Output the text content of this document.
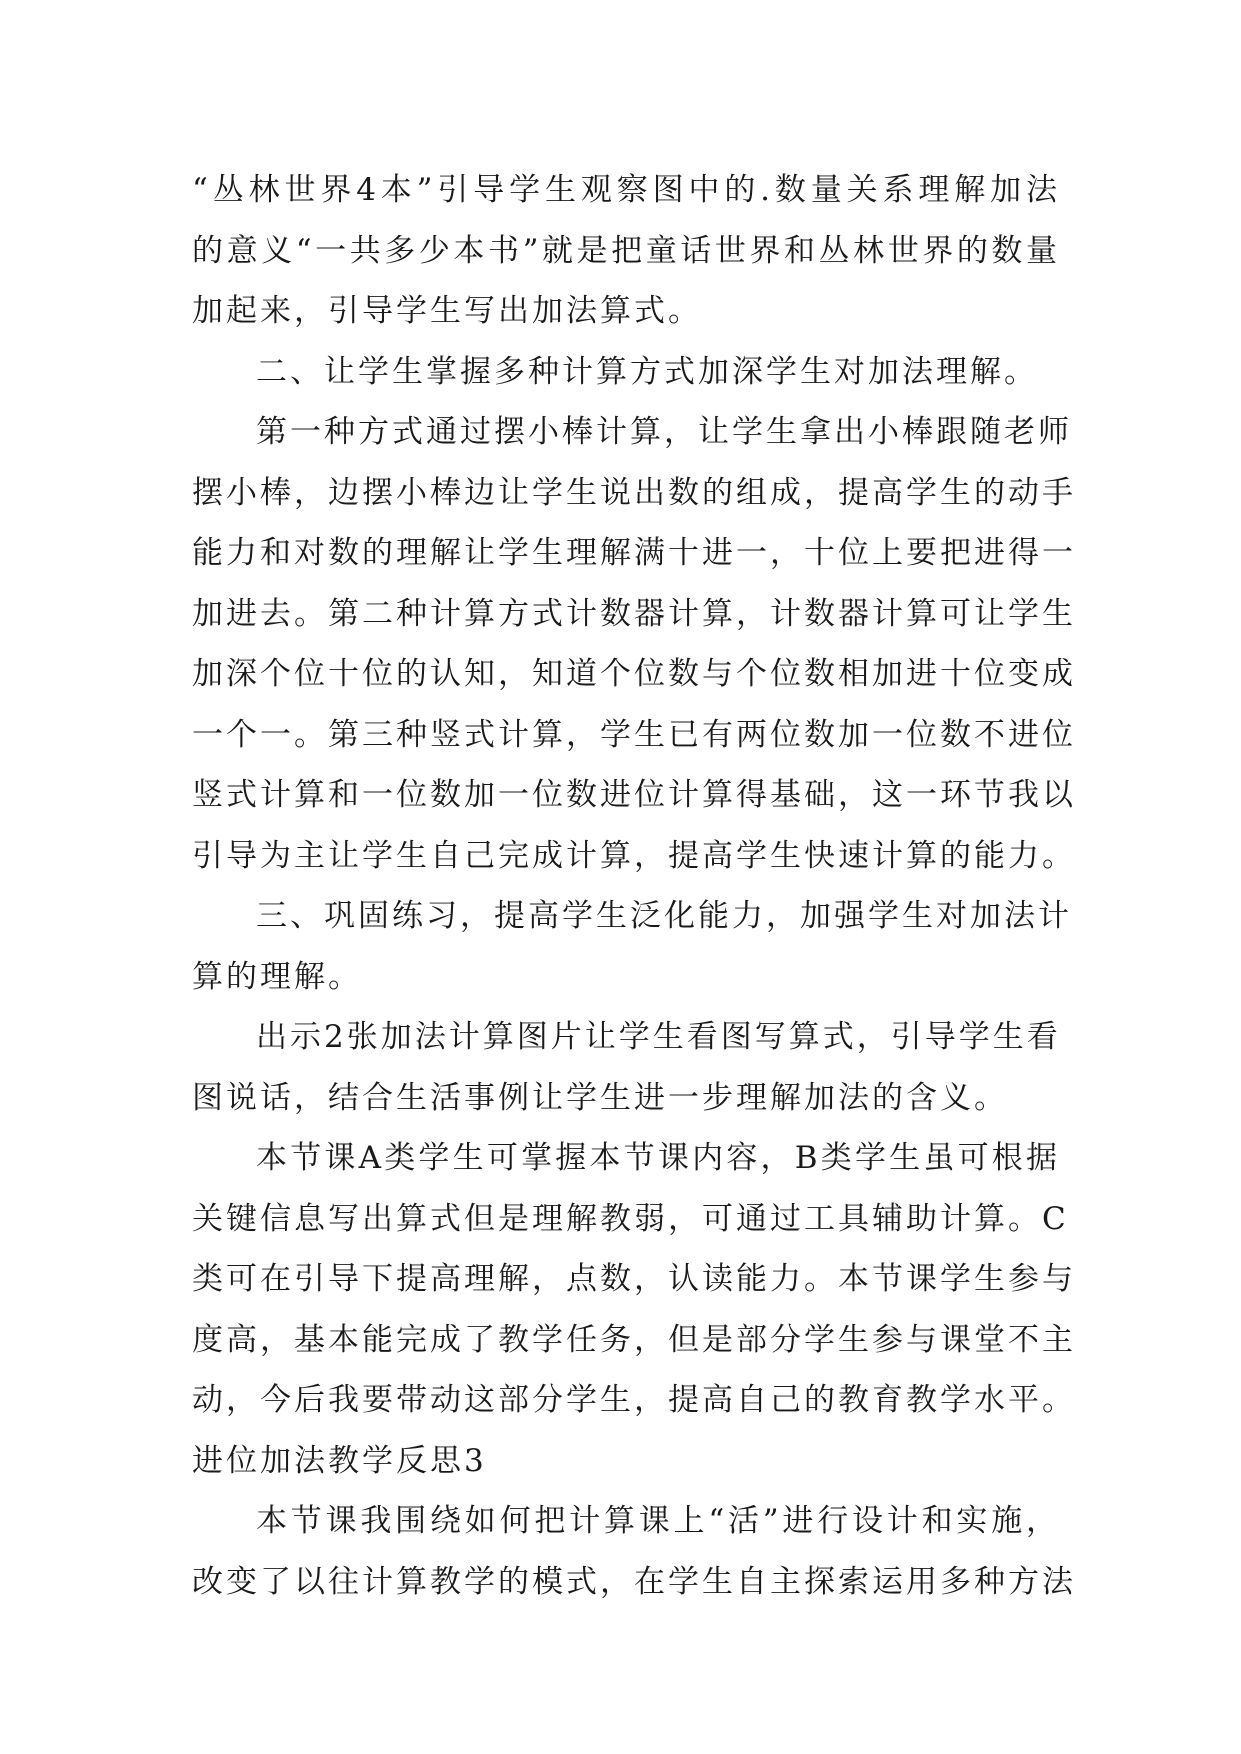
“丛林世界4本”引导学生观察图中的.数量关系理解加法
的意义“一共多少本书”就是把童话世界和丛林世界的数量
加起来，引导学生写出加法算式。
二、让学生掌握多种计算方式加深学生对加法理解。
第一种方式通过摆小棒计算，让学生拿出小棒跟随老师
摆小棒，边摆小棒边让学生说出数的组成，提高学生的动手
能力和对数的理解让学生理解满十进一，十位上要把进得一
加进去。第二种计算方式计数器计算，计数器计算可让学生
加深个位十位的认知，知道个位数与个位数相加进十位变成
一个一。第三种竖式计算，学生已有两位数加一位数不进位
竖式计算和一位数加一位数进位计算得基础，这一环节我以
引导为主让学生自己完成计算，提高学生快速计算的能力。
三、巩固练习，提高学生泛化能力，加强学生对加法计
算的理解。
出示2张加法计算图片让学生看图写算式，引导学生看
图说话，结合生活事例让学生进一步理解加法的含义。
本节课A类学生可掌握本节课内容，B类学生虽可根据
关键信息写出算式但是理解教弱，可通过工具辅助计算。C
类可在引导下提高理解，点数，认读能力。本节课学生参与
度高，基本能完成了教学任务，但是部分学生参与课堂不主
动，今后我要带动这部分学生，提高自己的教育教学水平。
进位加法教学反思3
本节课我围绕如何把计算课上“活”进行设计和实施，
改变了以往计算教学的模式，在学生自主探索运用多种方法
